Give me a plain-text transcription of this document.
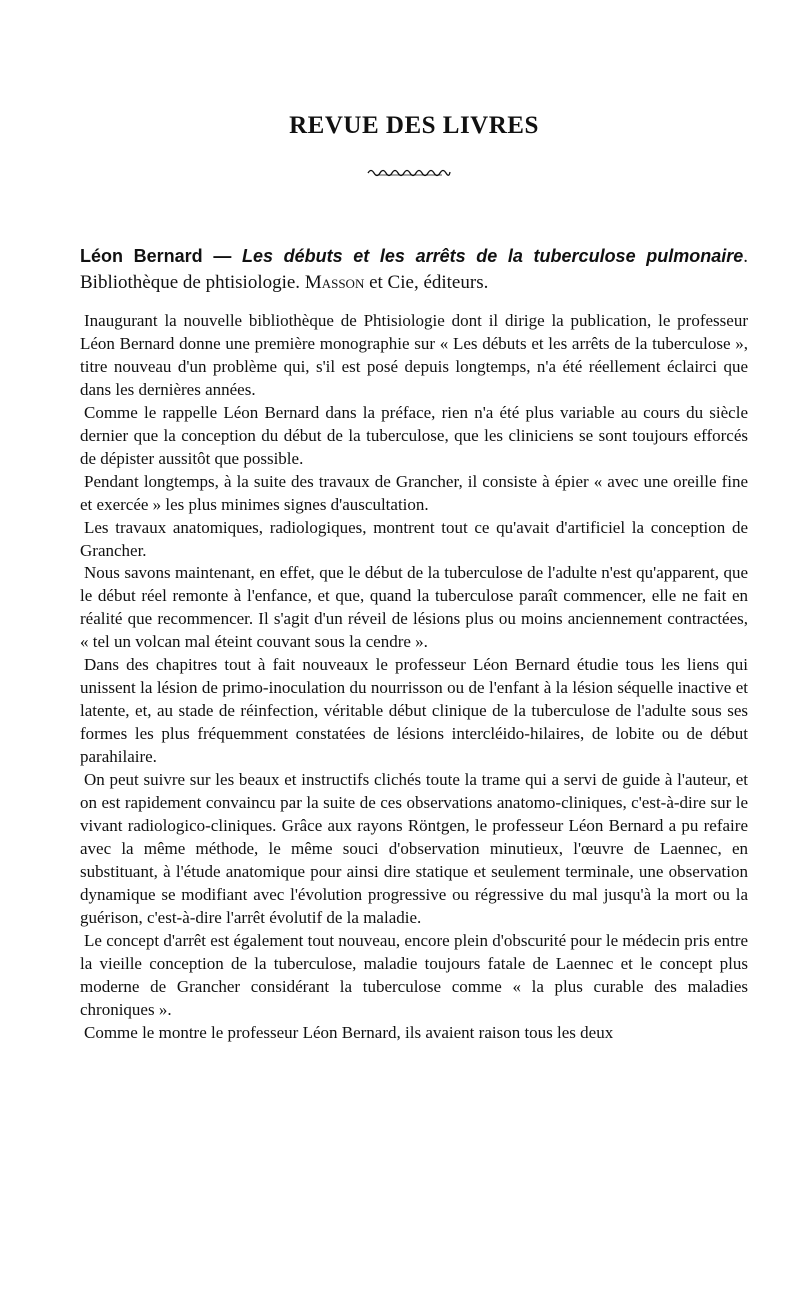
REVUE DES LIVRES

Léon Bernard — Les débuts et les arrêts de la tuberculose pulmonaire. Bibliothèque de phtisiologie. Masson et Cie, éditeurs.

Inaugurant la nouvelle bibliothèque de Phtisiologie dont il dirige la publication, le professeur Léon Bernard donne une première monographie sur « Les débuts et les arrêts de la tuberculose », titre nouveau d'un problème qui, s'il est posé depuis longtemps, n'a été réellement éclairci que dans les dernières années.

Comme le rappelle Léon Bernard dans la préface, rien n'a été plus variable au cours du siècle dernier que la conception du début de la tuberculose, que les cliniciens se sont toujours efforcés de dépister aussitôt que possible.

Pendant longtemps, à la suite des travaux de Grancher, il consiste à épier « avec une oreille fine et exercée » les plus minimes signes d'auscultation.

Les travaux anatomiques, radiologiques, montrent tout ce qu'avait d'artificiel la conception de Grancher.

Nous savons maintenant, en effet, que le début de la tuberculose de l'adulte n'est qu'apparent, que le début réel remonte à l'enfance, et que, quand la tuberculose paraît commencer, elle ne fait en réalité que recommencer. Il s'agit d'un réveil de lésions plus ou moins anciennement contractées, « tel un volcan mal éteint couvant sous la cendre ».

Dans des chapitres tout à fait nouveaux le professeur Léon Bernard étudie tous les liens qui unissent la lésion de primo-inoculation du nourrisson ou de l'enfant à la lésion séquelle inactive et latente, et, au stade de réinfection, véritable début clinique de la tuberculose de l'adulte sous ses formes les plus fréquemment constatées de lésions intercléido-hilaires, de lobite ou de début parahilaire.

On peut suivre sur les beaux et instructifs clichés toute la trame qui a servi de guide à l'auteur, et on est rapidement convaincu par la suite de ces observations anatomo-cliniques, c'est-à-dire sur le vivant radiologico-cliniques. Grâce aux rayons Röntgen, le professeur Léon Bernard a pu refaire avec la même méthode, le même souci d'observation minutieux, l'œuvre de Laennec, en substituant, à l'étude anatomique pour ainsi dire statique et seulement terminale, une observation dynamique se modifiant avec l'évolution progressive ou régressive du mal jusqu'à la mort ou la guérison, c'est-à-dire l'arrêt évolutif de la maladie.

Le concept d'arrêt est également tout nouveau, encore plein d'obscurité pour le médecin pris entre la vieille conception de la tuberculose, maladie toujours fatale de Laennec et le concept plus moderne de Grancher considérant la tuberculose comme « la plus curable des maladies chroniques ».

Comme le montre le professeur Léon Bernard, ils avaient raison tous les deux
